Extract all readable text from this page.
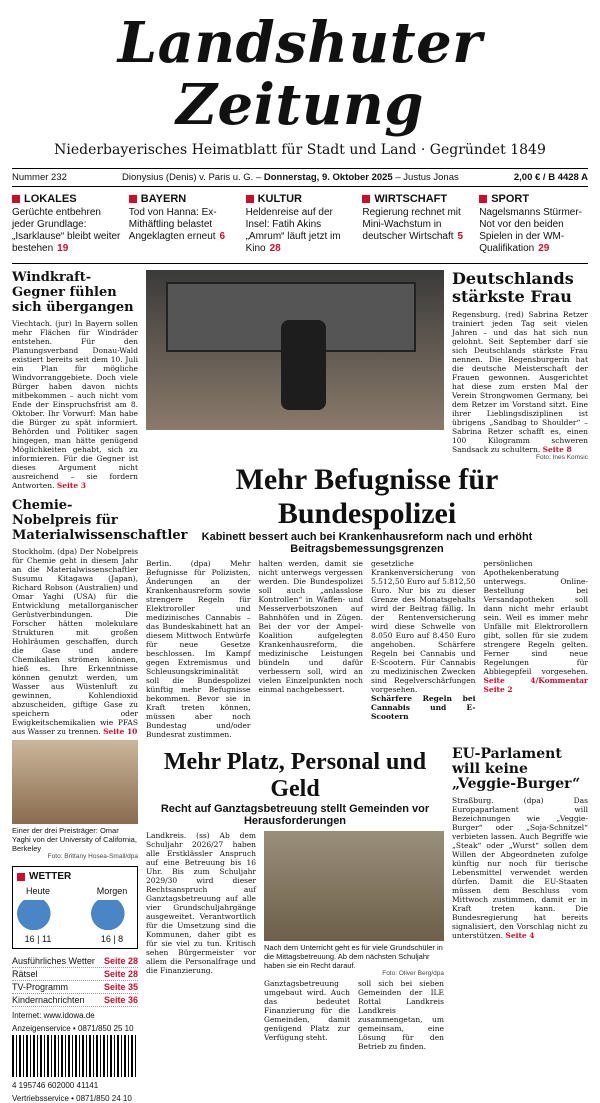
Landshuter Zeitung
Niederbayerisches Heimatblatt für Stadt und Land · Gegründet 1849
Nummer 232	Dionysius (Denis) v. Paris u. G. – Donnerstag, 9. Oktober 2025 – Justus Jonas	2,00 € / B 4428 A
LOKALES
Gerüchte entbehren jeder Grundlage: „Isarklause“ bleibt weiter bestehen 19
BAYERN
Tod von Hanna: Ex-Mithäftling belastet Angeklagten erneut 6
KULTUR
Heldenreise auf der Insel: Fatih Akins „Amrum“ läuft jetzt im Kino 28
WIRTSCHAFT
Regierung rechnet mit Mini-Wachstum in deutscher Wirtschaft 5
SPORT
Nagelsmanns Stürmer-Not vor den beiden Spielen in der WM-Qualifikation 29
Windkraft-Gegner fühlen sich übergangen

Viechtach. (jur) In Bayern sollen mehr Flächen für Windräder entstehen. Für den Planungsverband Donau-Wald existiert bereits seit dem 10. Juli ein Plan für mögliche Windvorranggebiete. Doch viele Bürger haben davon nichts mitbekommen – auch nicht vom Ende der Einspruchsfrist am 8. Oktober. Ihr Vorwurf: Man habe die Bürger zu spät informiert. Behörden und Politiker sagen hingegen, man hätte genügend Möglichkeiten gehabt, sich zu informieren. Für die Gegner ist dieses Argument nicht ausreichend – sie fordern Antworten. Seite 3

Chemie-Nobelpreis für Materialwissenschaftler

Stockholm. (dpa) Der Nobelpreis für Chemie geht in diesem Jahr an die Materialwissenschaftler Susumu Kitagawa (Japan), Richard Robson (Australien) und Omar Yaghi (USA) für die Entwicklung metallorganischer Gerüstverbindungen. Die Forscher hätten molekulare Strukturen mit großen Hohlräumen geschaffen, durch die Gase und andere Chemikalien strömen können, hieß es. Ihre Erkenntnisse können genutzt werden, um Wasser aus Wüstenluft zu gewinnen, Kohlendioxid abzuscheiden, giftige Gase zu speichern oder Ewigkeitschemikalien wie PFAS aus Wasser zu trennen. Seite 10

Einer der drei Preisträger: Omar Yaghi von der University of California, Berkeley
Foto: Brittany Hosea-Small/dpa
WETTER
Heute
16 | 11
Morgen
16 | 8
Ausführliches Wetter Seite 28
Rätsel	Seite 28
TV-Programm	Seite 35
Kindernachrichten Seite 36
Internet: www.idowa.de
Anzeigenservice • 0871/850 25 10
4 195746 602000 41141
Vertriebsservice • 0871/850 24 10
Deutschlands stärkste Frau

Regensburg. (red) Sabrina Retzer trainiert jeden Tag seit vielen Jahren – und das hat sich nun gelohnt. Seit September darf sie sich Deutschlands stärkste Frau nennen. Die Regensburgerin hat die deutsche Meisterschaft der Frauen gewonnen. Ausgerichtet hat diese zum ersten Mal der Verein Strongwomen Germany, bei dem Retzer im Vorstand sitzt. Eine ihrer Lieblingsdisziplinen ist übrigens „Sandbag to Shoulder“ – Sabrina Retzer schafft es, einen 100 Kilogramm schweren Sandsack zu schultern. Seite 8

Foto: Ines Komsic
Mehr Befugnisse für Bundespolizei
Kabinett bessert auch bei Krankenhausreform nach und erhöht Beitragsbemessungsgrenzen

Berlin. (dpa) Mehr Befugnisse für Polizisten, Änderungen an der Krankenhausreform sowie strengere Regeln für Elektroroller und medizinisches Cannabis – das Bundeskabinett hat an diesem Mittwoch Entwürfe für neue Gesetze beschlossen. Im Kampf gegen Extremismus und Schleusungskriminalität soll die Bundespolizei künftig mehr Befugnisse bekommen. Bevor sie in Kraft treten können, müssen aber noch Bundestag und/oder Bundesrat zustimmen.

halten werden, damit sie nicht unterwegs vergessen werden. Die Bundespolizei soll auch „anlasslose Kontrollen“ in Waffen- und Messerverbotszonen auf Bahnhöfen und in Zügen. Bei der vor der Ampel-Koalition aufgelegten Krankenhausreform, die medizinische Leistungen bündeln und dafür verbessern soll, wird an vielen Einzelpunkten noch einmal nachgebessert.

gesetzliche Krankenversicherung von 5.512,50 Euro auf 5.812,50 Euro. Nur bis zu dieser Grenze des Monatsgehalts wird der Beitrag fällig. In der Rentenversicherung wird diese Schwelle von 8.050 Euro auf 8.450 Euro angehoben. Schärfere Regeln bei Cannabis und E-Scootern. Für Cannabis zu medizinischen Zwecken sind Regelverschärfungen vorgesehen.
Schärfere Regeln bei Cannabis und E-Scootern

persönlichen Apothekenberatung unterwegs. Online-Bestellung bei Versandapotheken soll dann nicht mehr erlaubt sein. Weil es immer mehr Unfälle mit Elektrorollern gibt, sollen für sie zudem strengere Regeln gelten. Ferner sind neue Regelungen für Abbiegepfeil vorgesehen. Seite 4/Kommentar Seite 2

Mehr Platz, Personal und Geld
Recht auf Ganztagsbetreuung stellt Gemeinden vor Herausforderungen

Landkreis. (ss) Ab dem Schuljahr 2026/27 haben alle Erstklässler Anspruch auf eine Betreuung bis 16 Uhr. Bis zum Schuljahr 2029/30 wird dieser Rechtsanspruch auf Ganztagsbetreuung auf alle vier Grundschuljahrgänge ausgeweitet. Verantwortlich für die Umsetzung sind die Kommunen, daher gibt es für sie viel zu tun. Kritisch sehen Bürgermeister vor allem die Personalfrage und die Finanzierung.

Nach dem Unterricht geht es für viele Grundschüler in die Mittagsbetreuung. Ab dem nächsten Schuljahr haben sie ein Recht darauf.
Foto: Oliver Berg/dpa

Ganztagsbetreuung umgebaut wird. Auch das bedeutet Finanzierung für die Gemeinden, damit genügend Platz zur Verfügung steht.

soll sich bei sieben Gemeinden der ILE Rottal Landkreis Landkreis zusammengetan, um gemeinsam, eine Lösung für den Betrieb zu finden.

EU-Parlament will keine „Veggie-Burger“

Straßburg. (dpa) Das Europaparlament will Bezeichnungen wie „Veggie-Burger“ oder „Soja-Schnitzel“ verbieten lassen. Auch Begriffe wie „Steak“ oder „Wurst“ sollen dem Willen der Abgeordneten zufolge künftig nur noch für tierische Lebensmittel verwendet werden dürfen. Damit die EU-Staaten müssen dem Beschluss vom Mittwoch zustimmen, damit er in Kraft treten kann. Die Bundesregierung hat bereits signalisiert, den Vorschlag nicht zu unterstützen. Seite 4
